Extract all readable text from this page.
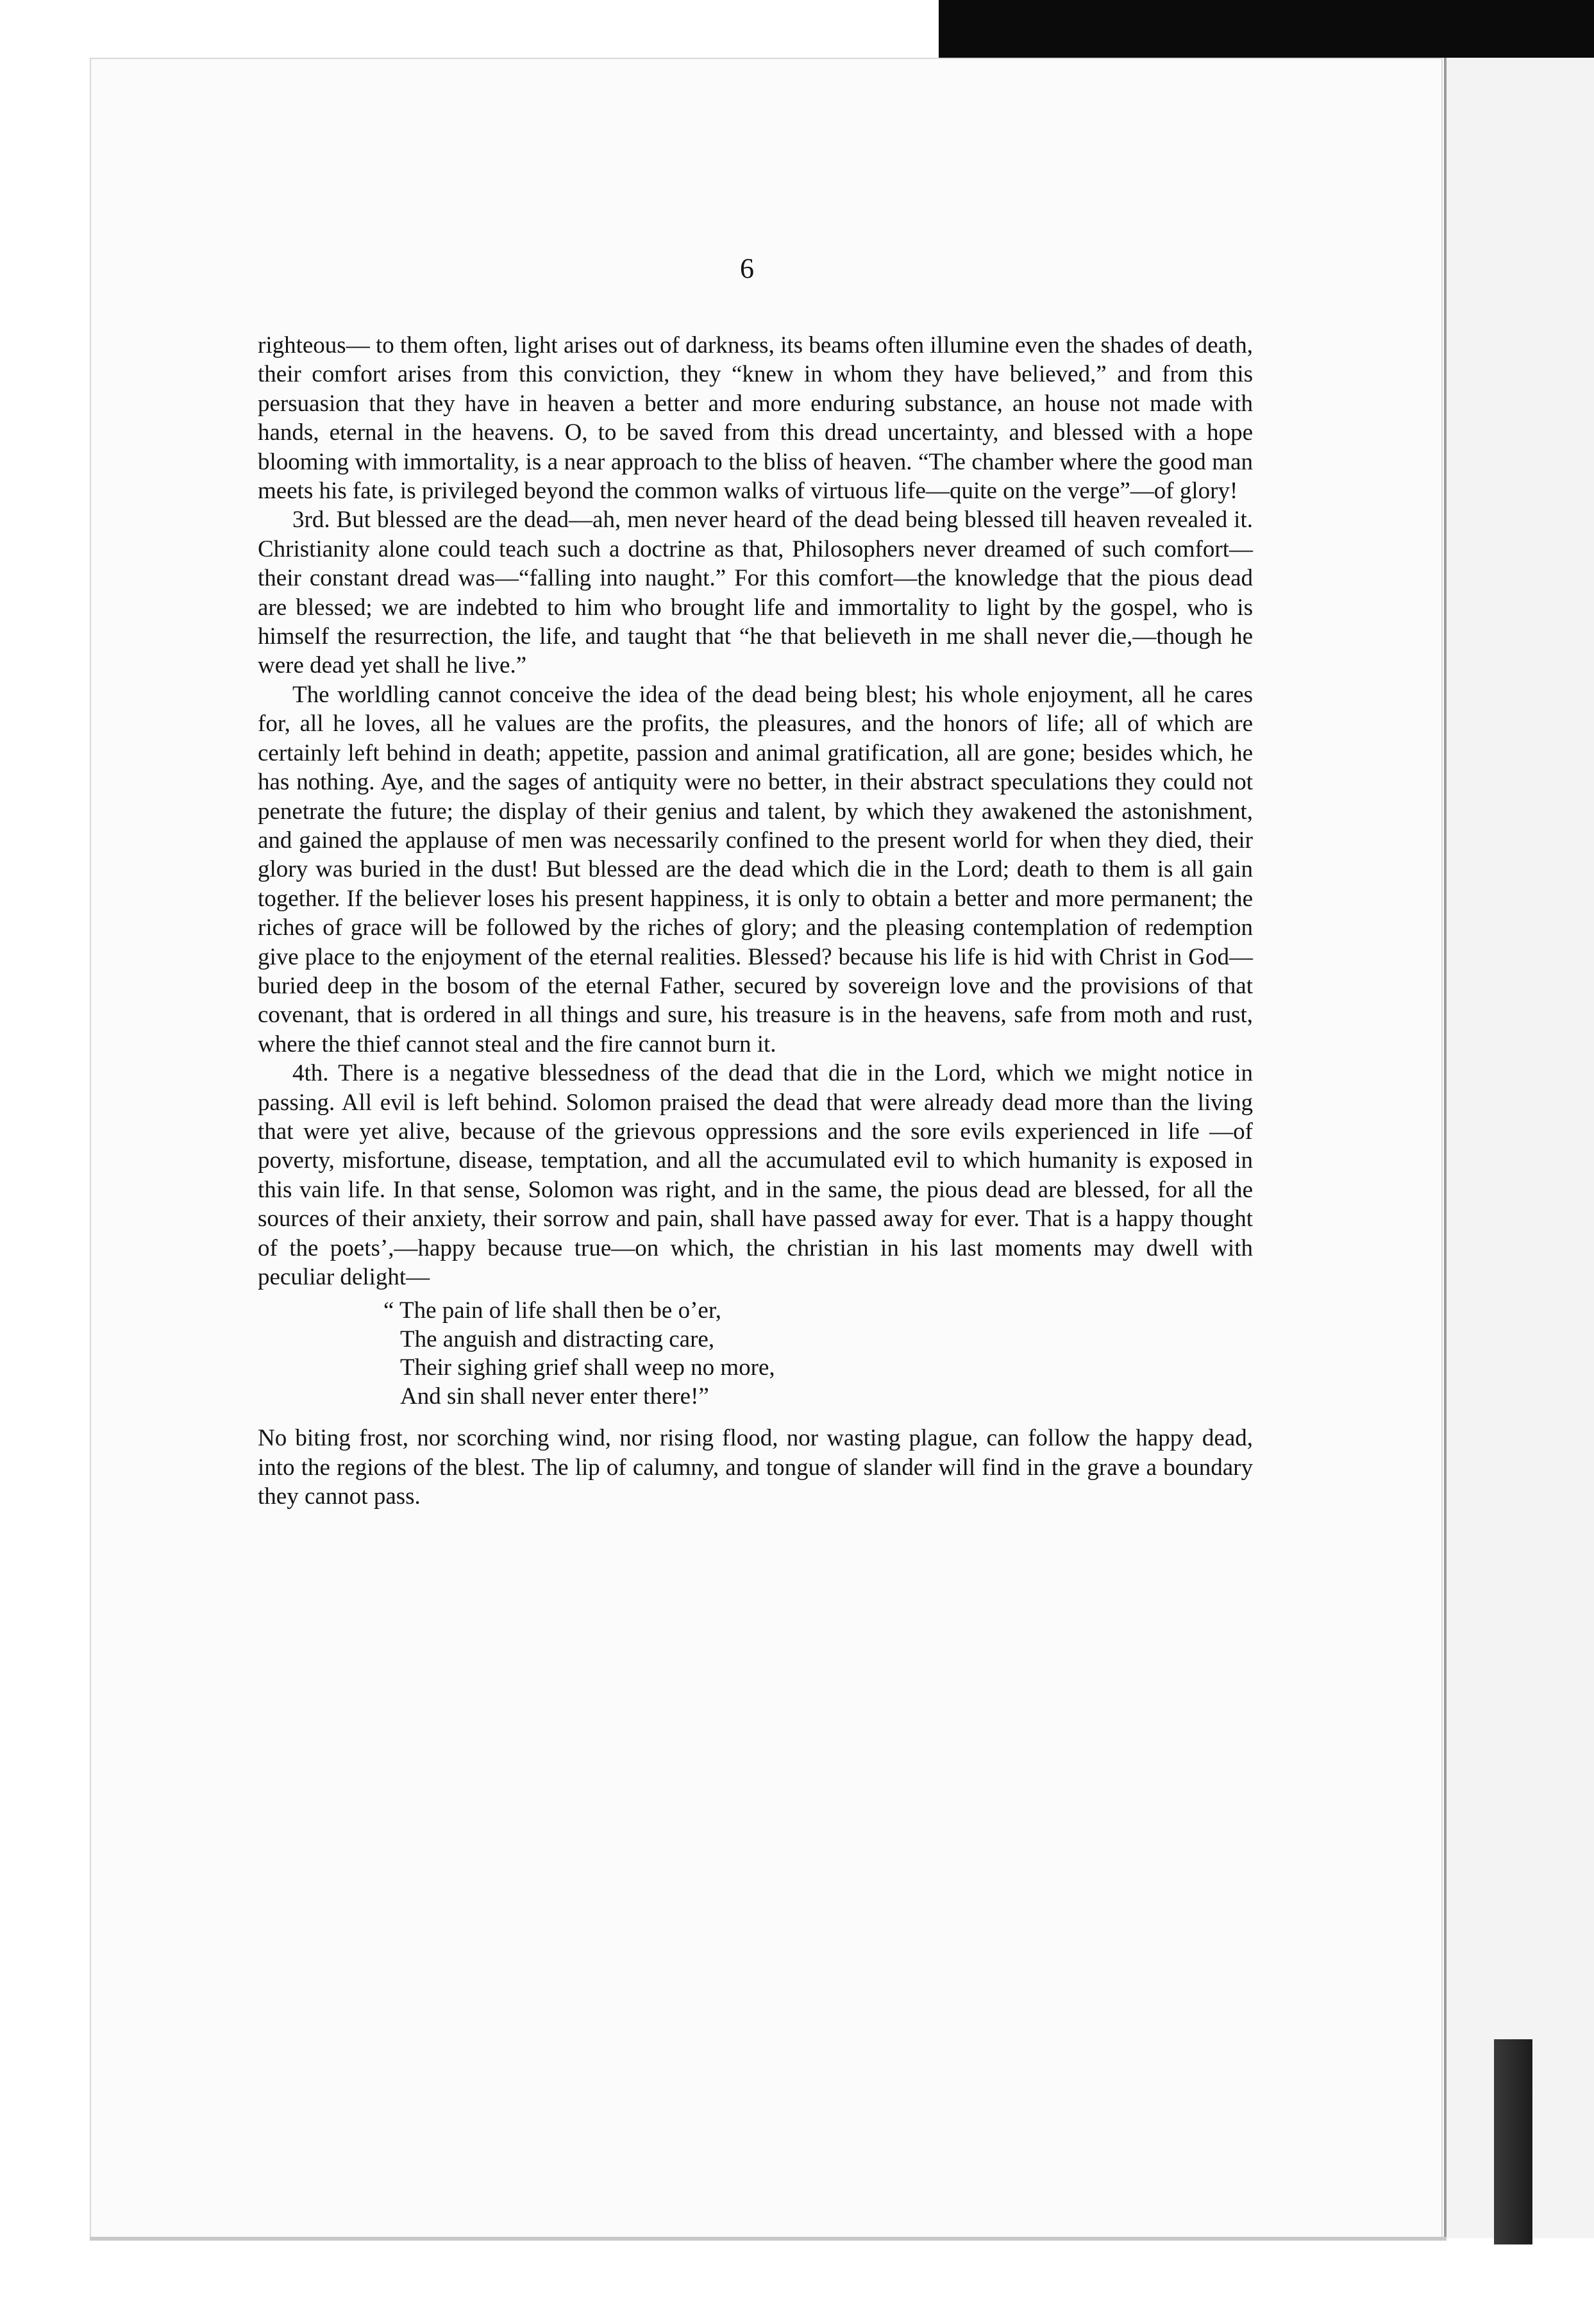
6

righteous— to them often, light arises out of darkness, its beams often illumine even the shades of death, their comfort arises from this conviction, they “knew in whom they have believed,” and from this persuasion that they have in heaven a better and more enduring substance, an house not made with hands, eternal in the heavens. O, to be saved from this dread uncertainty, and blessed with a hope blooming with immortality, is a near approach to the bliss of heaven. “The chamber where the good man meets his fate, is privileged beyond the common walks of virtuous life—quite on the verge”—of glory!

3rd. But blessed are the dead—ah, men never heard of the dead being blessed till heaven revealed it. Christianity alone could teach such a doctrine as that, Philosophers never dreamed of such comfort—their constant dread was—“falling into naught.” For this comfort—the knowledge that the pious dead are blessed; we are indebted to him who brought life and immortality to light by the gospel, who is himself the resurrection, the life, and taught that “he that believeth in me shall never die,—though he were dead yet shall he live.”

The worldling cannot conceive the idea of the dead being blest; his whole enjoyment, all he cares for, all he loves, all he values are the profits, the pleasures, and the honors of life; all of which are certainly left behind in death; appetite, passion and animal gratification, all are gone; besides which, he has nothing. Aye, and the sages of antiquity were no better, in their abstract speculations they could not penetrate the future; the display of their genius and talent, by which they awakened the astonishment, and gained the applause of men was necessarily confined to the present world for when they died, their glory was buried in the dust! But blessed are the dead which die in the Lord; death to them is all gain together. If the believer loses his present happiness, it is only to obtain a better and more permanent; the riches of grace will be followed by the riches of glory; and the pleasing contemplation of redemption give place to the enjoyment of the eternal realities. Blessed? because his life is hid with Christ in God—buried deep in the bosom of the eternal Father, secured by sovereign love and the provisions of that covenant, that is ordered in all things and sure, his treasure is in the heavens, safe from moth and rust, where the thief cannot steal and the fire cannot burn it.

4th. There is a negative blessedness of the dead that die in the Lord, which we might notice in passing. All evil is left behind. Solomon praised the dead that were already dead more than the living that were yet alive, because of the grievous oppressions and the sore evils experienced in life —of poverty, misfortune, disease, temptation, and all the accumulated evil to which humanity is exposed in this vain life. In that sense, Solomon was right, and in the same, the pious dead are blessed, for all the sources of their anxiety, their sorrow and pain, shall have passed away for ever. That is a happy thought of the poets’,—happy because true—on which, the christian in his last moments may dwell with peculiar delight—

“ The pain of life shall then be o’er,
The anguish and distracting care,
Their sighing grief shall weep no more,
And sin shall never enter there!”

No biting frost, nor scorching wind, nor rising flood, nor wasting plague, can follow the happy dead, into the regions of the blest. The lip of calumny, and tongue of slander will find in the grave a boundary they cannot pass.
